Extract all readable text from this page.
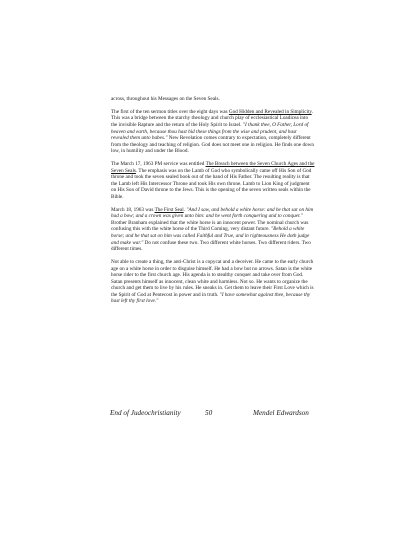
across, throughout his Messages on the Seven Seals.

The first of the ten sermon titles over the eight days was God Hidden and Revealed in Simplicity. This was a bridge between the starchy theology and church play of ecclesiastical Loadicea into the invisible Rapture and the return of the Holy Spirit to Israel. "I thank thee, O Father, Lord of heaven and earth, because thou hast hid these things from the wise and prudent, and hast revealed them unto babes." New Revelation comes contrary to expectation, completely different from the theology and teaching of religion. God does not meet one in religion. He finds one down low, in humility and under the Blood.

The March 17, 1963 PM service was entitled The Breach between the Seven Church Ages and the Seven Seals. The emphasis was on the Lamb of God who symbolically came off His Son of God throne and took the seven sealed book out of the hand of His Father. The resulting reality is that the Lamb left His Intercessor Throne and took His own throne. Lamb to Lion King of judgment on His Son of David throne to the Jews. This is the opening of the seven written seals within the Bible.

March 18, 1963 was The First Seal. "And I saw, and behold a white horse: and he that sat on him had a bow; and a crown was given unto him: and he went forth conquering and to conquer." Brother Branham explained that the white horse is an innocent power. The nominal church was confusing this with the white horse of the Third Coming, very distant future. "Behold a white horse; and he that sat on him was called Faithful and True, and in righteousness He doth judge and make war." Do not confuse these two. Two different white horses. Two different riders. Two different times.

Not able to create a thing, the anti-Christ is a copycat and a deceiver. He came to the early church age on a white horse in order to disguise himself. He had a bow but no arrows. Satan is the white horse rider to the first church age. His agenda is to stealthy conquer and take over from God. Satan presents himself as innocent, clean white and harmless. Not so. He wants to organize the church and get them to live by his rules. He sneaks in. Get them to leave their First Love which is the Spirit of God at Pentecost in power and in truth. "I have somewhat against thee, because thy hast left thy first love."

End of Judeochristianity	50	Mendel Edwardson
